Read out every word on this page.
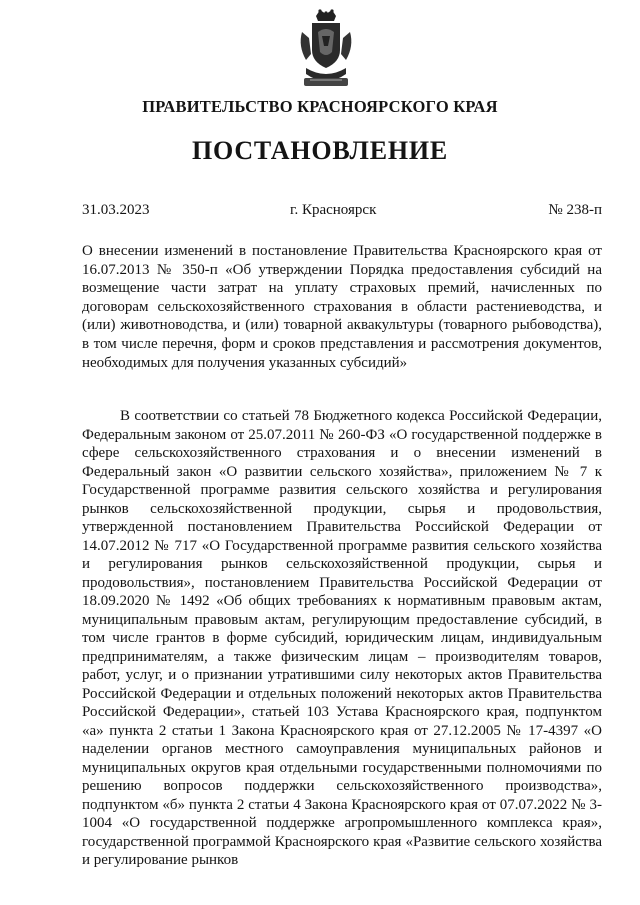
ПРАВИТЕЛЬСТВО КРАСНОЯРСКОГО КРАЯ
ПОСТАНОВЛЕНИЕ
31.03.2023	г. Красноярск	№ 238-п
О внесении изменений в постановление Правительства Красноярского края от 16.07.2013 № 350-п «Об утверждении Порядка предоставления субсидий на возмещение части затрат на уплату страховых премий, начисленных по договорам сельскохозяйственного страхования в области растениеводства, и (или) животноводства, и (или) товарной аквакультуры (товарного рыбоводства), в том числе перечня, форм и сроков представления и рассмотрения документов, необходимых для получения указанных субсидий»
В соответствии со статьей 78 Бюджетного кодекса Российской Федерации, Федеральным законом от 25.07.2011 № 260-ФЗ «О государственной поддержке в сфере сельскохозяйственного страхования и о внесении изменений в Федеральный закон «О развитии сельского хозяйства», приложением № 7 к Государственной программе развития сельского хозяйства и регулирования рынков сельскохозяйственной продукции, сырья и продовольствия, утвержденной постановлением Правительства Российской Федерации от 14.07.2012 № 717 «О Государственной программе развития сельского хозяйства и регулирования рынков сельскохозяйственной продукции, сырья и продовольствия», постановлением Правительства Российской Федерации от 18.09.2020 № 1492 «Об общих требованиях к нормативным правовым актам, муниципальным правовым актам, регулирующим предоставление субсидий, в том числе грантов в форме субсидий, юридическим лицам, индивидуальным предпринимателям, а также физическим лицам – производителям товаров, работ, услуг, и о признании утратившими силу некоторых актов Правительства Российской Федерации и отдельных положений некоторых актов Правительства Российской Федерации», статьей 103 Устава Красноярского края, подпунктом «а» пункта 2 статьи 1 Закона Красноярского края от 27.12.2005 № 17-4397 «О наделении органов местного самоуправления муниципальных районов и муниципальных округов края отдельными государственными полномочиями по решению вопросов поддержки сельскохозяйственного производства», подпунктом «б» пункта 2 статьи 4 Закона Красноярского края от 07.07.2022 № 3-1004 «О государственной поддержке агропромышленного комплекса края», государственной программой Красноярского края «Развитие сельского хозяйства и регулирование рынков
